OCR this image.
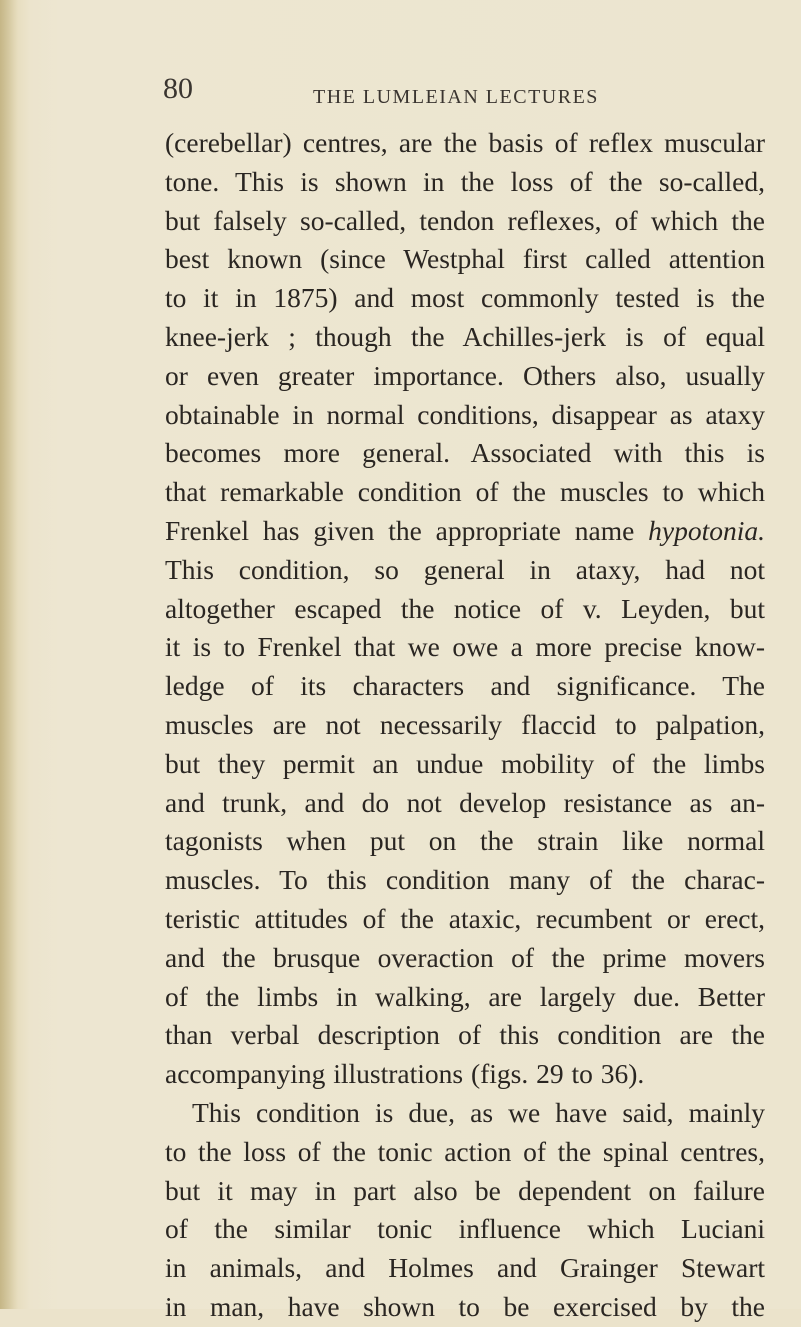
80	THE LUMLEIAN LECTURES
(cerebellar) centres, are the basis of reflex muscular
tone. This is shown in the loss of the so-called,
but falsely so-called, tendon reflexes, of which the
best known (since Westphal first called attention
to it in 1875) and most commonly tested is the
knee-jerk ; though the Achilles-jerk is of equal
or even greater importance. Others also, usually
obtainable in normal conditions, disappear as ataxy
becomes more general. Associated with this is
that remarkable condition of the muscles to which
Frenkel has given the appropriate name hypotonia.
This condition, so general in ataxy, had not
altogether escaped the notice of v. Leyden, but
it is to Frenkel that we owe a more precise know-
ledge of its characters and significance. The
muscles are not necessarily flaccid to palpation,
but they permit an undue mobility of the limbs
and trunk, and do not develop resistance as an-
tagonists when put on the strain like normal
muscles. To this condition many of the charac-
teristic attitudes of the ataxic, recumbent or erect,
and the brusque overaction of the prime movers
of the limbs in walking, are largely due. Better
than verbal description of this condition are the
accompanying illustrations (figs. 29 to 36).
This condition is due, as we have said, mainly
to the loss of the tonic action of the spinal centres,
but it may in part also be dependent on failure
of the similar tonic influence which Luciani
in animals, and Holmes and Grainger Stewart
in man, have shown to be exercised by the
